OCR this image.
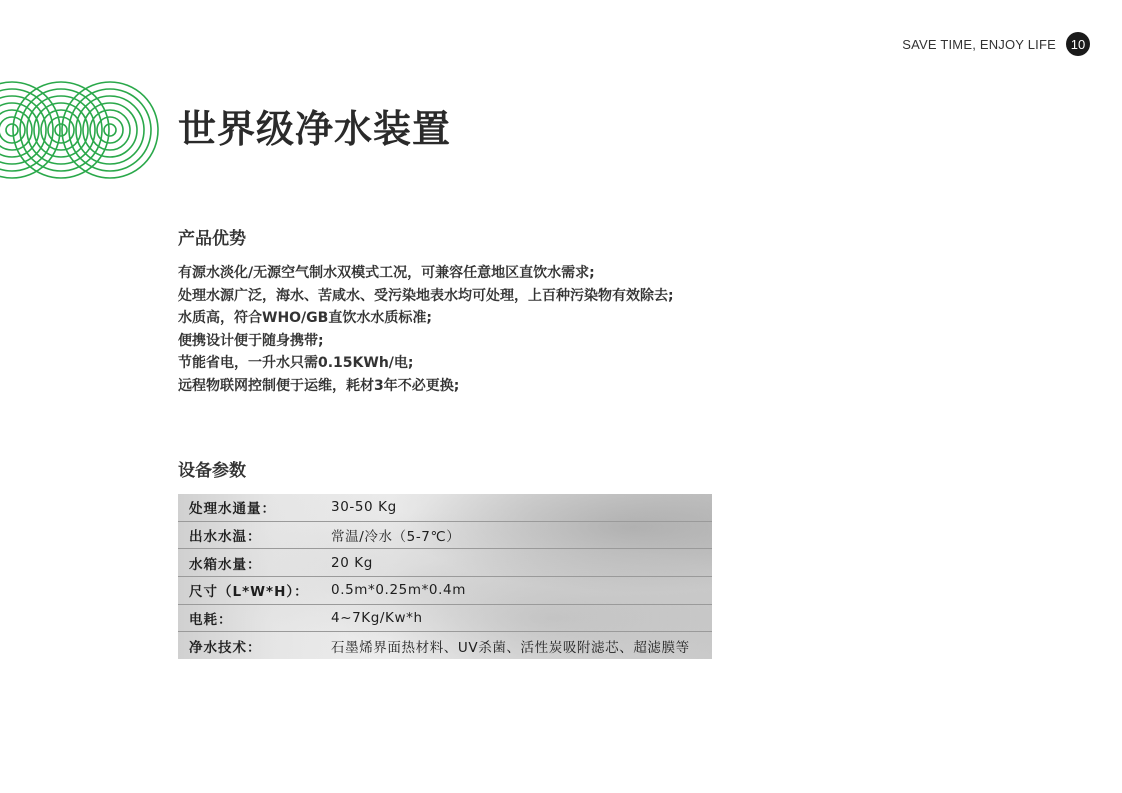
SAVE TIME, ENJOY LIFE	10
世界级净水装置
产品优势
有源水淡化/无源空气制水双模式工况，可兼容任意地区直饮水需求;
处理水源广泛，海水、苦咸水、受污染地表水均可处理，上百种污染物有效除去;
水质高，符合WHO/GB直饮水水质标准;
便携设计便于随身携带;
节能省电，一升水只需0.15KWh/电;
远程物联网控制便于运维，耗材3年不必更换;
设备参数
处理水通量：	30-50 Kg
出水水温：	常温/冷水（5-7℃）
水箱水量：	20 Kg
尺寸（L*W*H）：	0.5m*0.25m*0.4m
电耗：	4~7Kg/Kw*h
净水技术：	石墨烯界面热材料、UV杀菌、活性炭吸附滤芯、超滤膜等
